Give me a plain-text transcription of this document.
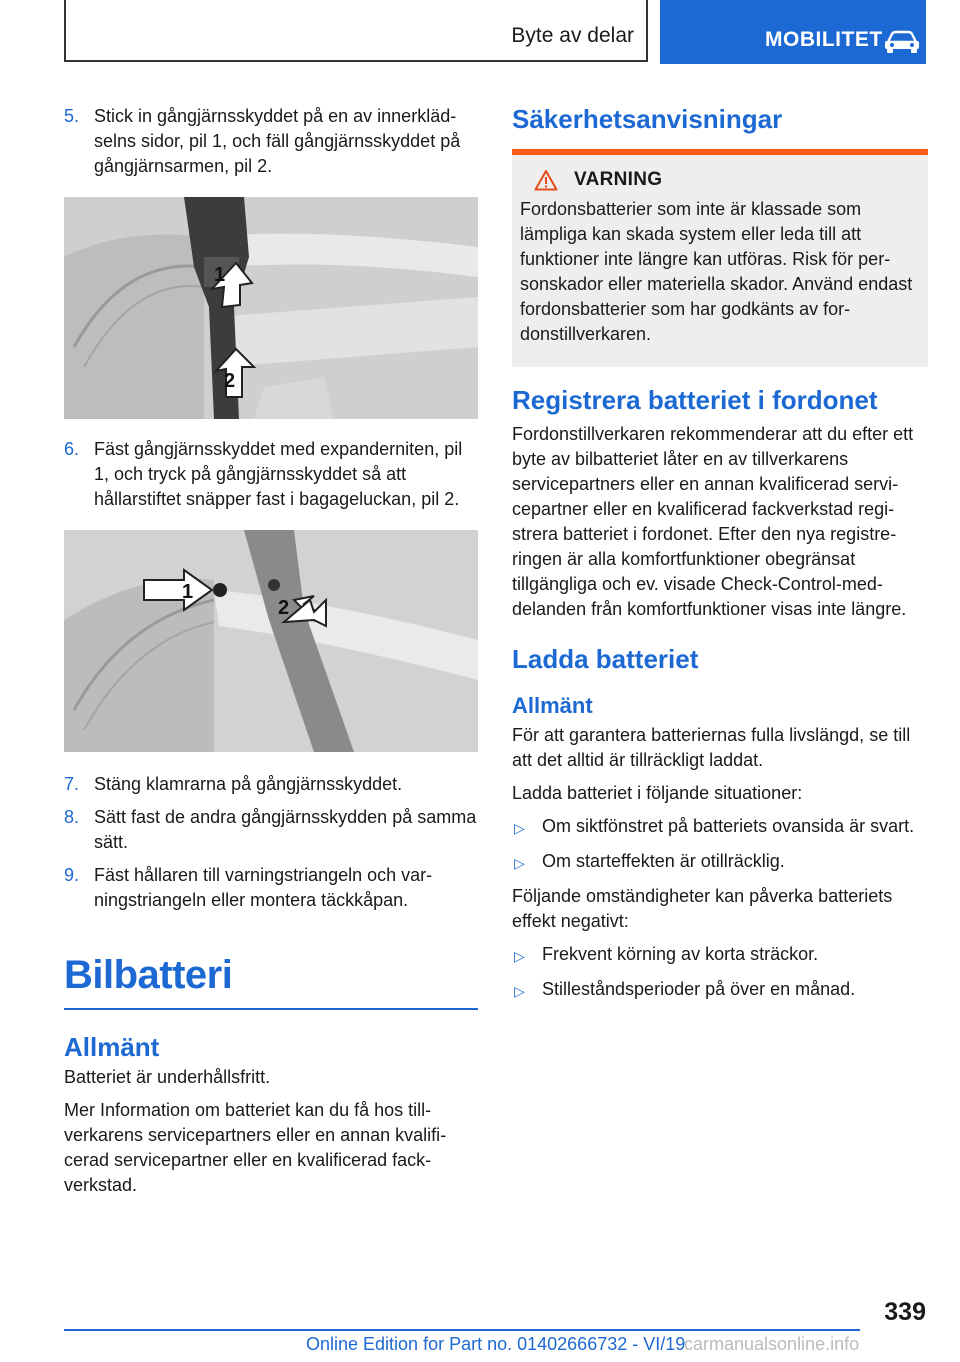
Byte av delar	MOBILITET
5. Stick in gångjärnsskyddet på en av innerklädselns sidor, pil 1, och fäll gångjärnsskyddet på gångjärnsarmen, pil 2.
1
2
6. Fäst gångjärnsskyddet med expanderniten, pil 1, och tryck på gångjärnsskyddet så att hållarstiftet snäpper fast i bagageluckan, pil 2.
1
2
7. Stäng klamrarna på gångjärnsskyddet.
8. Sätt fast de andra gångjärnsskydden på samma sätt.
9. Fäst hållaren till varningstriangeln och varningstriangeln eller montera täckkåpan.
Bilbatteri
Allmänt

Batteriet är underhållsfritt.

Mer Information om batteriet kan du få hos tillverkarens servicepartners eller en annan kvalificerad servicepartner eller en kvalificerad fackverkstad.

Säkerhetsanvisningar
VARNING
Fordonsbatterier som inte är klassade som lämpliga kan skada system eller leda till att funktioner inte längre kan utföras. Risk för personskador eller materiella skador. Använd endast fordonsbatterier som har godkänts av fordonstillverkaren.
Registrera batteriet i fordonet

Fordonstillverkaren rekommenderar att du efter ett byte av bilbatteriet låter en av tillverkarens servicepartners eller en annan kvalificerad servicepartner eller en kvalificerad fackverkstad registrera batteriet i fordonet. Efter den nya registreringen är alla komfortfunktioner obegränsat tillgängliga och ev. visade Check-Control-meddelanden från komfortfunktioner visas inte längre.

Ladda batteriet
Allmänt

För att garantera batteriernas fulla livslängd, se till att det alltid är tillräckligt laddat.

Ladda batteriet i följande situationer:

▷ Om siktfönstret på batteriets ovansida är svart.
▷ Om starteffekten är otillräcklig.

Följande omständigheter kan påverka batteriets effekt negativt:

▷ Frekvent körning av korta sträckor.
▷ Stilleståndsperioder på över en månad.
339
Online Edition for Part no. 01402666732 - VI/19
carmanualsonline.info
